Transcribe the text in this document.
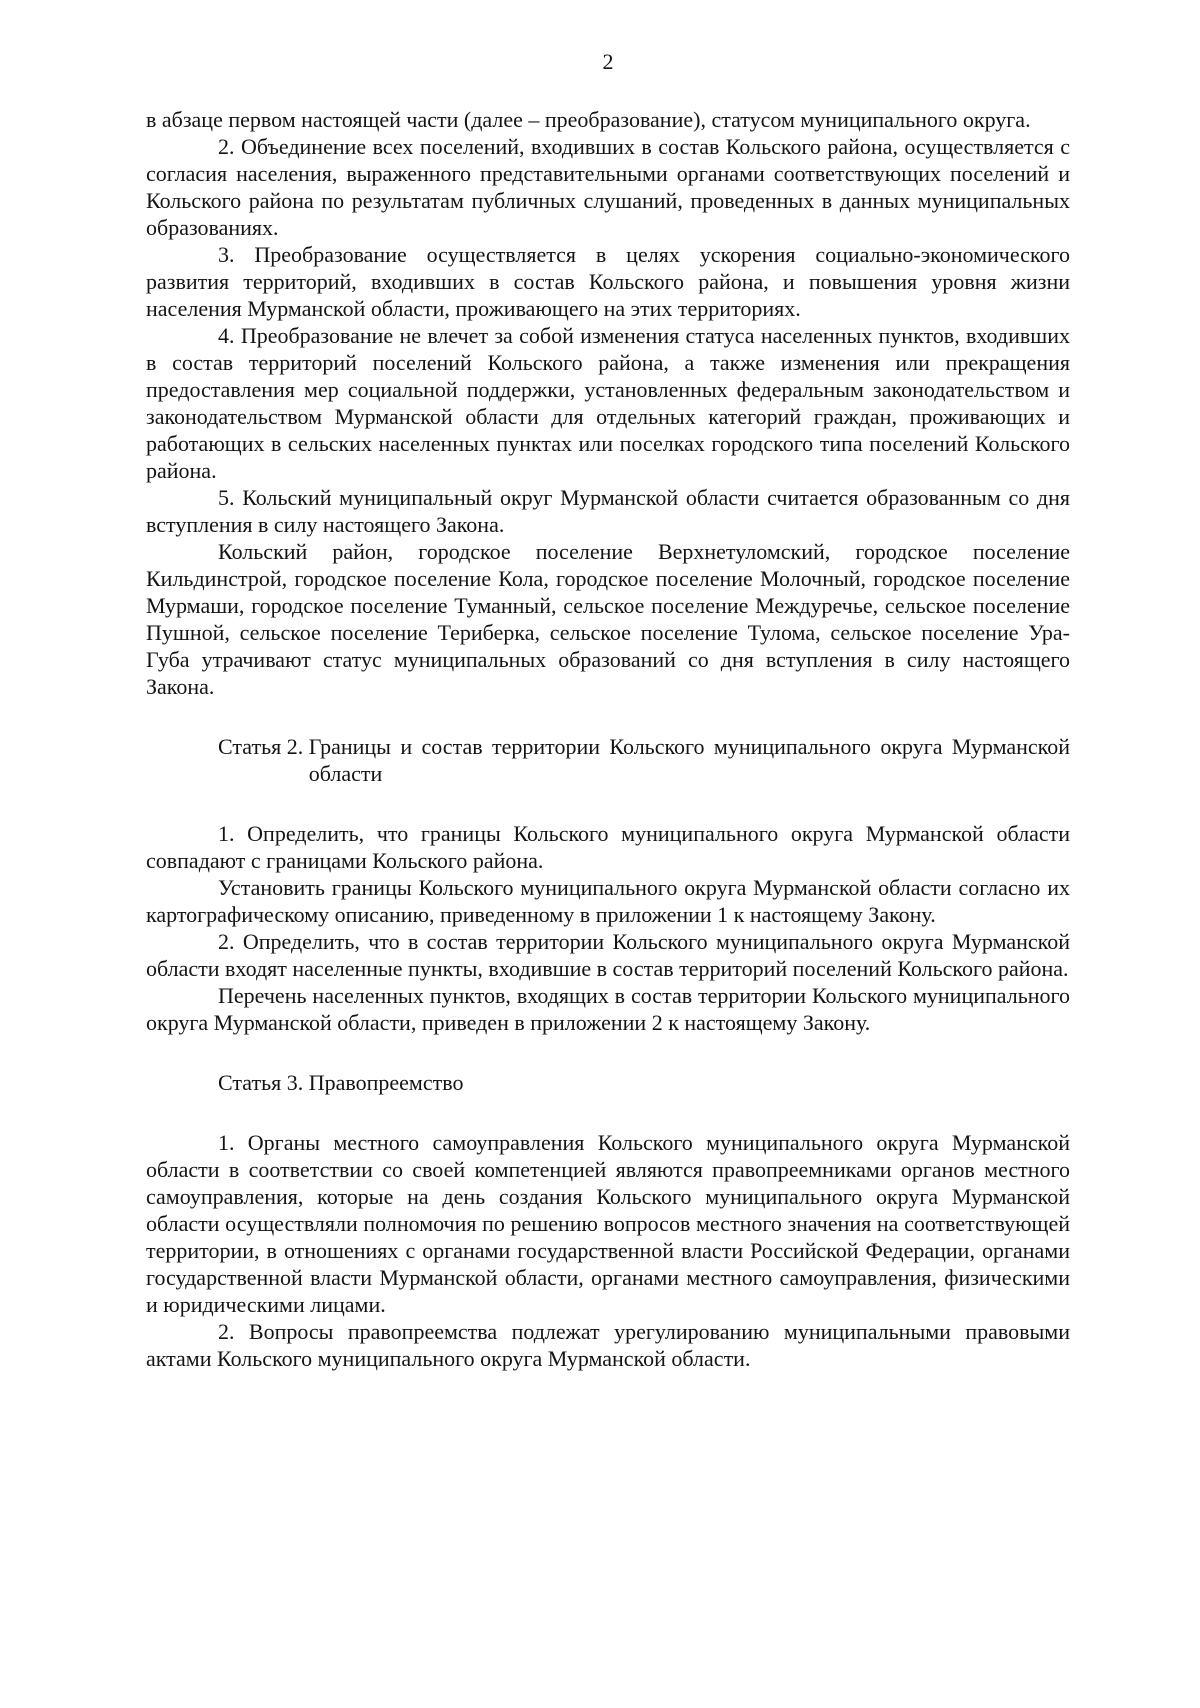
2

в абзаце первом настоящей части (далее – преобразование), статусом муниципального округа.

2. Объединение всех поселений, входивших в состав Кольского района, осуществляется с согласия населения, выраженного представительными органами соответствующих поселений и Кольского района по результатам публичных слушаний, проведенных в данных муниципальных образованиях.

3. Преобразование осуществляется в целях ускорения социально-экономического развития территорий, входивших в состав Кольского района, и повышения уровня жизни населения Мурманской области, проживающего на этих территориях.

4. Преобразование не влечет за собой изменения статуса населенных пунктов, входивших в состав территорий поселений Кольского района, а также изменения или прекращения предоставления мер социальной поддержки, установленных федеральным законодательством и законодательством Мурманской области для отдельных категорий граждан, проживающих и работающих в сельских населенных пунктах или поселках городского типа поселений Кольского района.

5. Кольский муниципальный округ Мурманской области считается образованным со дня вступления в силу настоящего Закона.

Кольский район, городское поселение Верхнетуломский, городское поселение Кильдинстрой, городское поселение Кола, городское поселение Молочный, городское поселение Мурмаши, городское поселение Туманный, сельское поселение Междуречье, сельское поселение Пушной, сельское поселение Териберка, сельское поселение Тулома, сельское поселение Ура-Губа утрачивают статус муниципальных образований со дня вступления в силу настоящего Закона.

Статья 2.
Границы и состав территории Кольского муниципального округа Мурманской области

1. Определить, что границы Кольского муниципального округа Мурманской области совпадают с границами Кольского района.

Установить границы Кольского муниципального округа Мурманской области согласно их картографическому описанию, приведенному в приложении 1 к настоящему Закону.

2. Определить, что в состав территории Кольского муниципального округа Мурманской области входят населенные пункты, входившие в состав территорий поселений Кольского района.

Перечень населенных пунктов, входящих в состав территории Кольского муниципального округа Мурманской области, приведен в приложении 2 к настоящему Закону.

Статья 3.
Правопреемство

1. Органы местного самоуправления Кольского муниципального округа Мурманской области в соответствии со своей компетенцией являются правопреемниками органов местного самоуправления, которые на день создания Кольского муниципального округа Мурманской области осуществляли полномочия по решению вопросов местного значения на соответствующей территории, в отношениях с органами государственной власти Российской Федерации, органами государственной власти Мурманской области, органами местного самоуправления, физическими и юридическими лицами.

2. Вопросы правопреемства подлежат урегулированию муниципальными правовыми актами Кольского муниципального округа Мурманской области.
